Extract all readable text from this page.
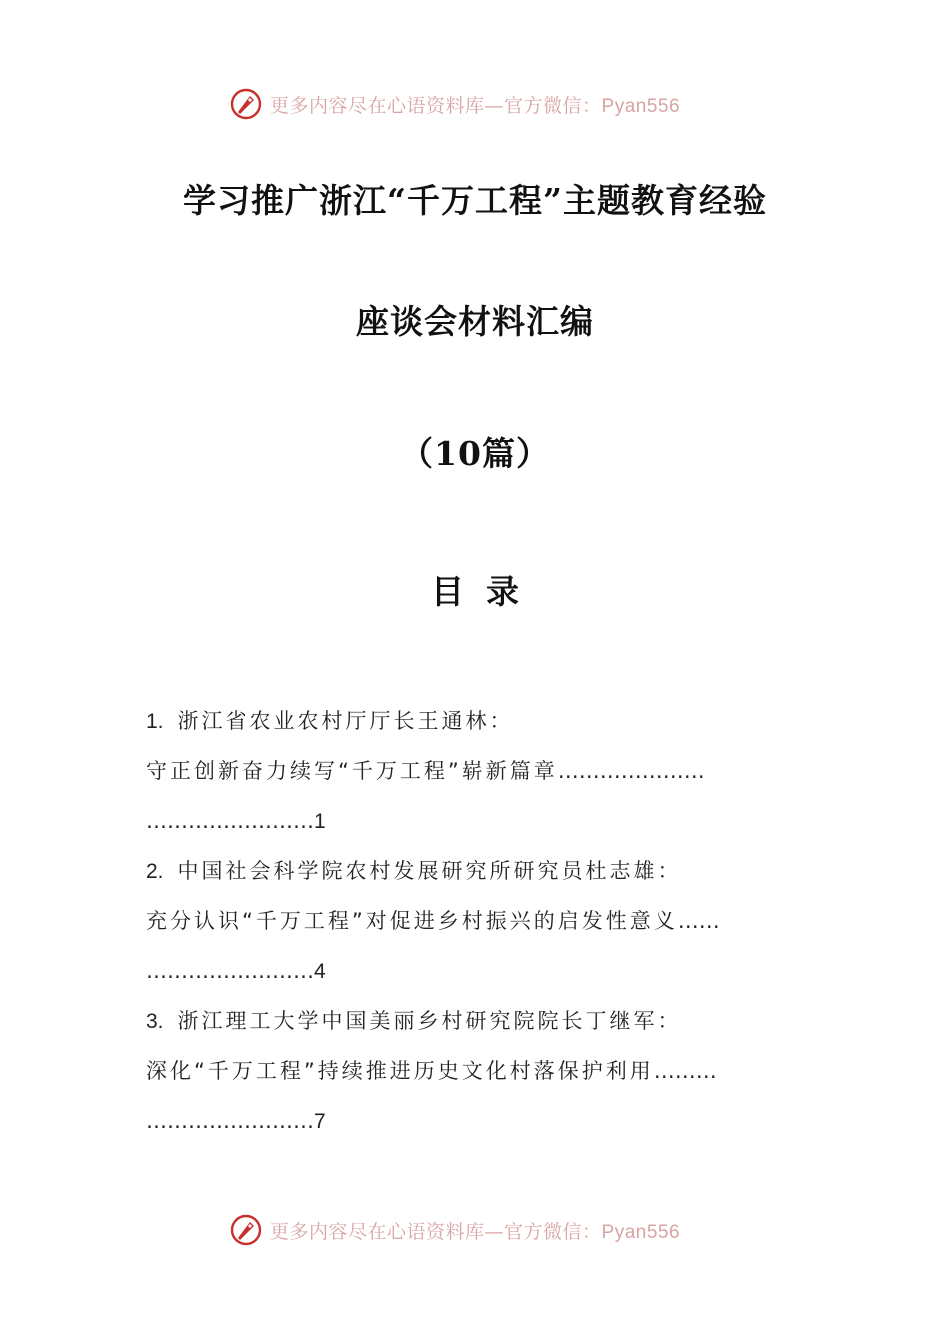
更多内容尽在心语资料库—官方微信：Pyan556
学习推广浙江“千万工程”主题教育经验
座谈会材料汇编
（10篇）
目 录
1. 浙江省农业农村厅厅长王通林：
守正创新奋力续写“千万工程”崭新篇章…………………
……………………1
2. 中国社会科学院农村发展研究所研究员杜志雄：
充分认识“千万工程”对促进乡村振兴的启发性意义……
……………………4
3. 浙江理工大学中国美丽乡村研究院院长丁继军：
深化“千万工程”持续推进历史文化村落保护利用………
……………………7
更多内容尽在心语资料库—官方微信：Pyan556
